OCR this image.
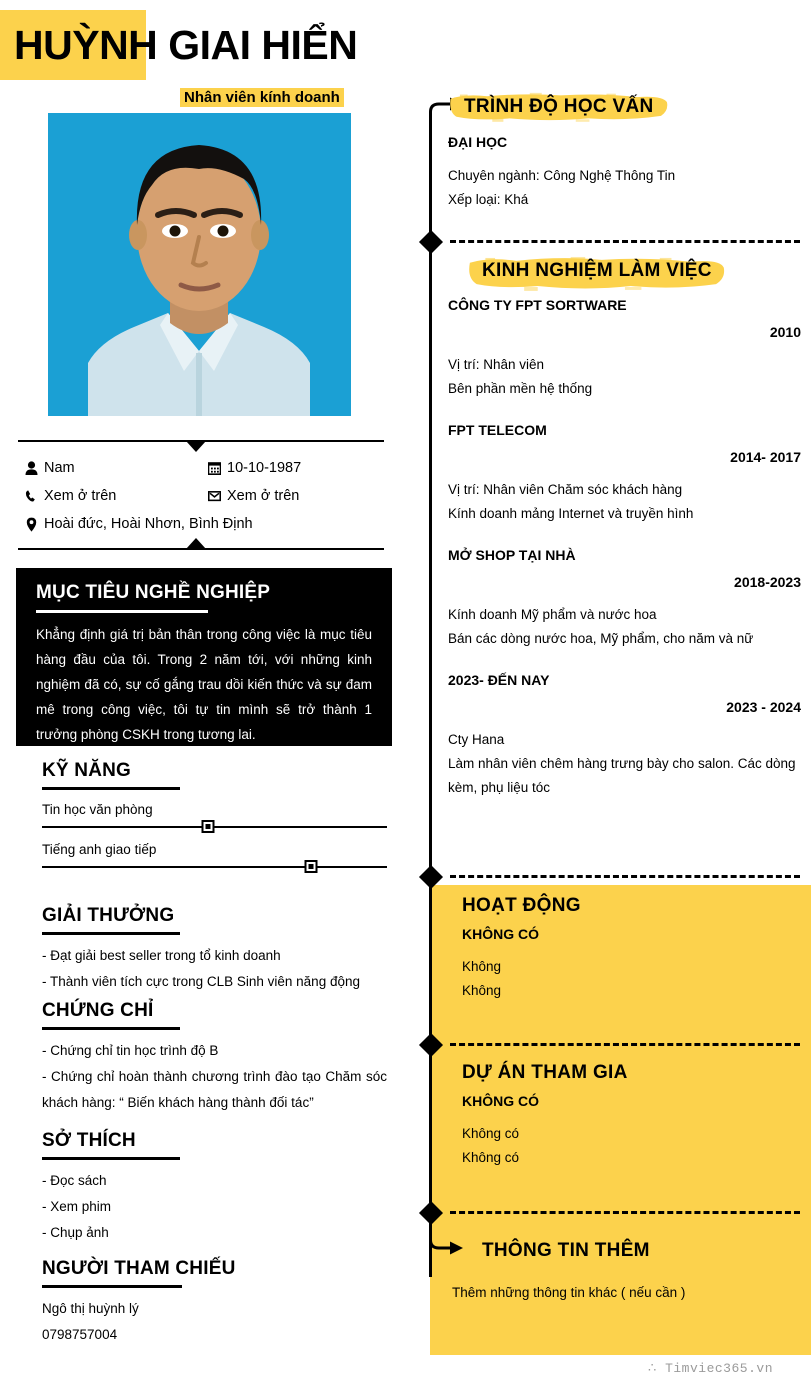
HUỲNH GIAI HIỂN
Nhân viên kính doanh
Nam	10-10-1987
Xem ở trên	Xem ở trên
Hoài đức, Hoài Nhơn, Bình Định
MỤC TIÊU NGHỀ NGHIỆP
Khẳng định giá trị bản thân trong công việc là mục tiêu hàng đầu của tôi. Trong 2 năm tới, với những kinh nghiệm đã có, sự cố gắng trau dồi kiến thức và sự đam mê trong công việc, tôi tự tin mình sẽ trở thành 1 trưởng phòng CSKH trong tương lai.
KỸ NĂNG
Tin học văn phòng
Tiếng anh giao tiếp
GIẢI THƯỞNG
- Đạt giải best seller trong tổ kinh doanh
- Thành viên tích cực trong CLB Sinh viên năng động
CHỨNG CHỈ
- Chứng chỉ tin học trình độ B
- Chứng chỉ hoàn thành chương trình đào tạo Chăm sóc khách hàng: “ Biến khách hàng thành đối tác”
SỞ THÍCH
- Đọc sách
- Xem phim
- Chụp ảnh
NGƯỜI THAM CHIẾU
Ngô thị huỳnh lý
0798757004
TRÌNH ĐỘ HỌC VẤN
ĐẠI HỌC
Chuyên ngành: Công Nghệ Thông Tin
Xếp loại: Khá
KINH NGHIỆM LÀM VIỆC
CÔNG TY FPT SORTWARE
2010
Vị trí: Nhân viên
Bên phần mền hệ thống
FPT TELECOM
2014- 2017
Vị trí: Nhân viên Chăm sóc khách hàng
Kính doanh mảng Internet và truyền hình
MỞ SHOP TẠI NHÀ
2018-2023
Kính doanh Mỹ phẩm và nước hoa
Bán các dòng nước hoa, Mỹ phẩm, cho năm và nữ
2023- ĐẾN NAY
2023 - 2024
Cty Hana
Làm nhân viên chêm hàng trưng bày cho salon. Các dòng kèm, phụ liệu tóc
HOẠT ĐỘNG
KHÔNG CÓ
Không
Không
DỰ ÁN THAM GIA
KHÔNG CÓ
Không có
Không có
THÔNG TIN THÊM
Thêm những thông tin khác ( nếu cần )
∴ Timviec365.vn
